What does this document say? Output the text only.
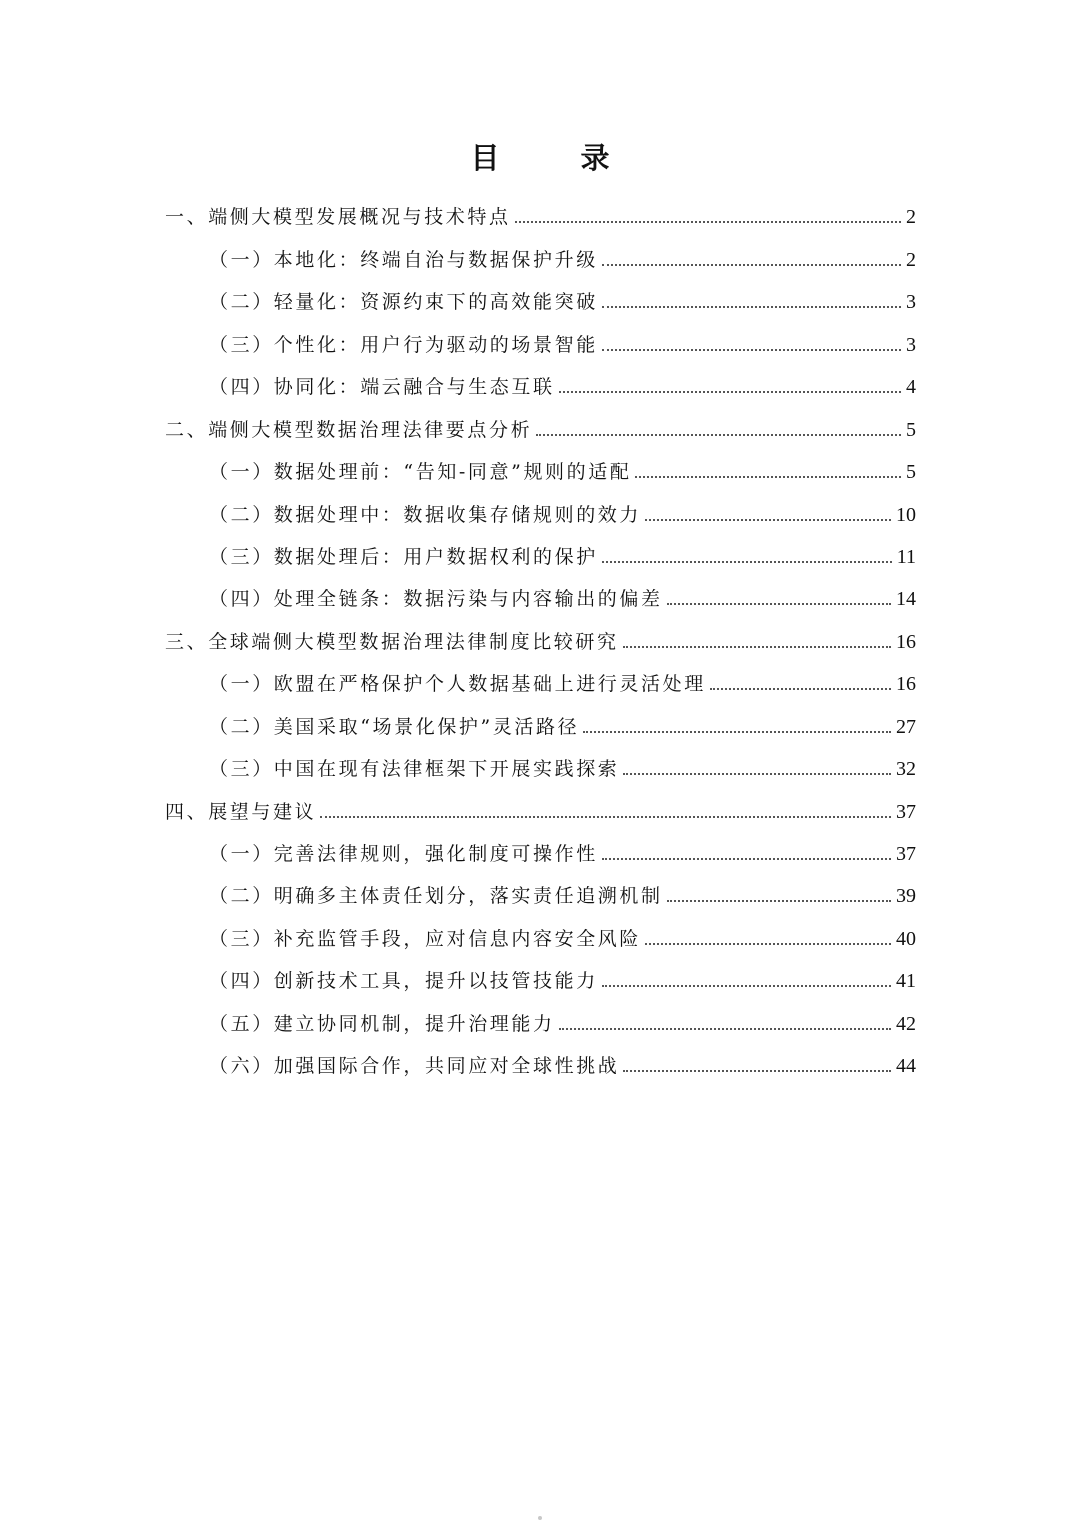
目　录
一、端侧大模型发展概况与技术特点	2
（一）本地化：终端自治与数据保护升级	2
（二）轻量化：资源约束下的高效能突破	3
（三）个性化：用户行为驱动的场景智能	3
（四）协同化：端云融合与生态互联	4
二、端侧大模型数据治理法律要点分析	5
（一）数据处理前：“告知-同意”规则的适配	5
（二）数据处理中：数据收集存储规则的效力	10
（三）数据处理后：用户数据权利的保护	11
（四）处理全链条：数据污染与内容输出的偏差	14
三、全球端侧大模型数据治理法律制度比较研究	16
（一）欧盟在严格保护个人数据基础上进行灵活处理	16
（二）美国采取“场景化保护”灵活路径	27
（三）中国在现有法律框架下开展实践探索	32
四、展望与建议	37
（一）完善法律规则，强化制度可操作性	37
（二）明确多主体责任划分，落实责任追溯机制	39
（三）补充监管手段，应对信息内容安全风险	40
（四）创新技术工具，提升以技管技能力	41
（五）建立协同机制，提升治理能力	42
（六）加强国际合作，共同应对全球性挑战	44
